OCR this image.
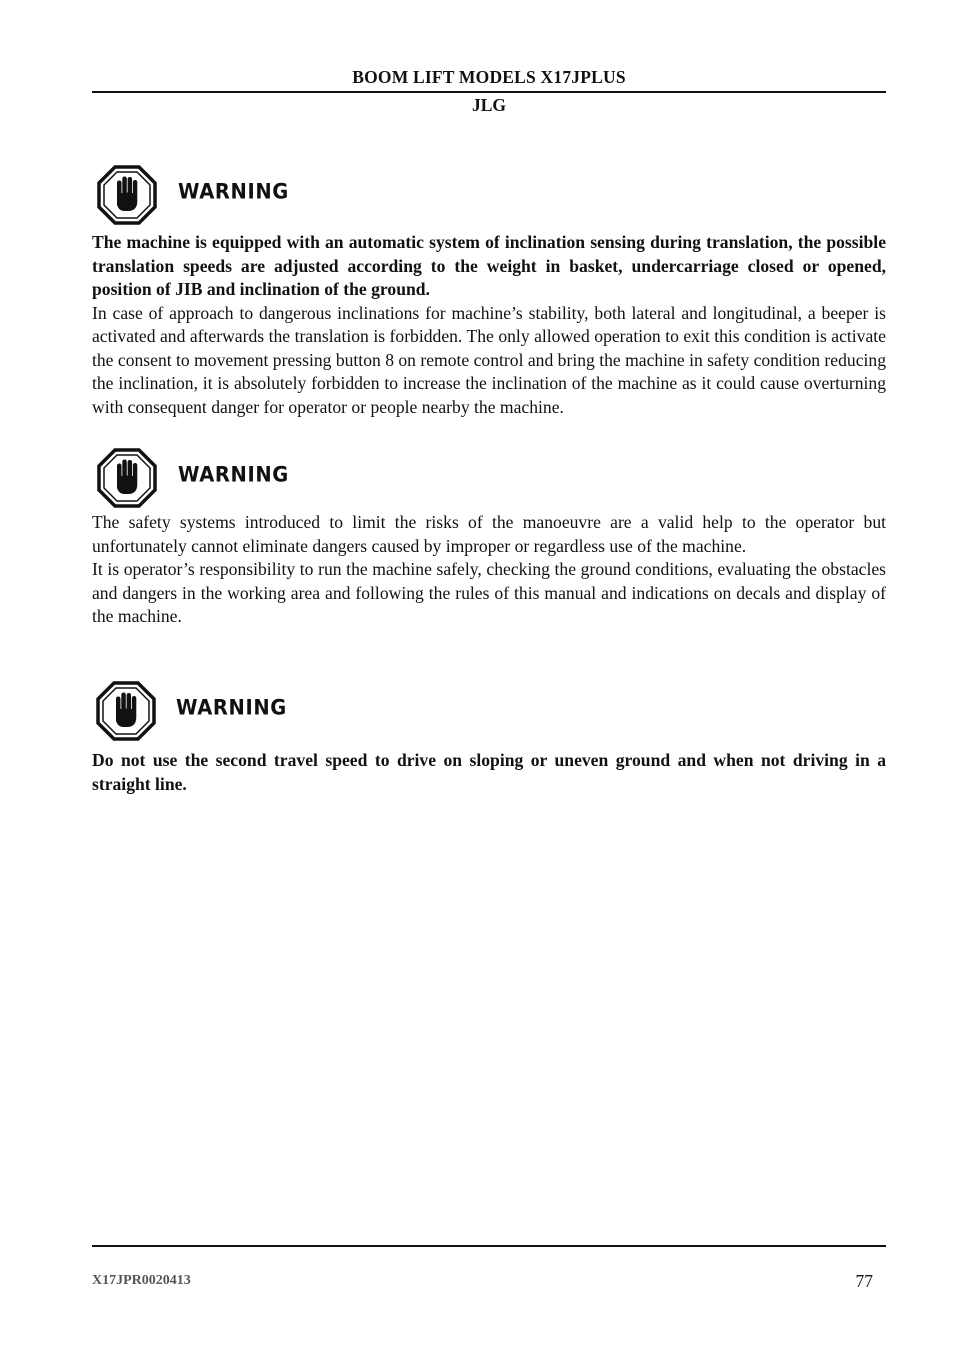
BOOM LIFT MODELS X17JPLUS
JLG
WARNING

The machine is equipped with an automatic system of inclination sensing during translation, the possible translation speeds are adjusted according to the weight in basket, undercarriage closed or opened, position of JIB and inclination of the ground.

In case of approach to dangerous inclinations for machine’s stability, both lateral and longitudinal, a beeper is activated and afterwards the translation is forbidden. The only allowed operation to exit this condition is activate the consent to movement pressing button 8 on remote control and bring the machine in safety condition reducing the inclination, it is absolutely forbidden to increase the inclination of the machine as it could cause overturning with consequent danger for operator or people nearby the machine.

WARNING

The safety systems introduced to limit the risks of the manoeuvre are a valid help to the operator but unfortunately cannot eliminate dangers caused by improper or regardless use of the machine.

It is operator’s responsibility to run the machine safely, checking the ground conditions, evaluating the obstacles and dangers in the working area and following the rules of this manual and indications on decals and display of the machine.

WARNING

Do not use the second travel speed to drive on sloping or uneven ground and when not driving in a straight line.

X17JPR0020413	77
